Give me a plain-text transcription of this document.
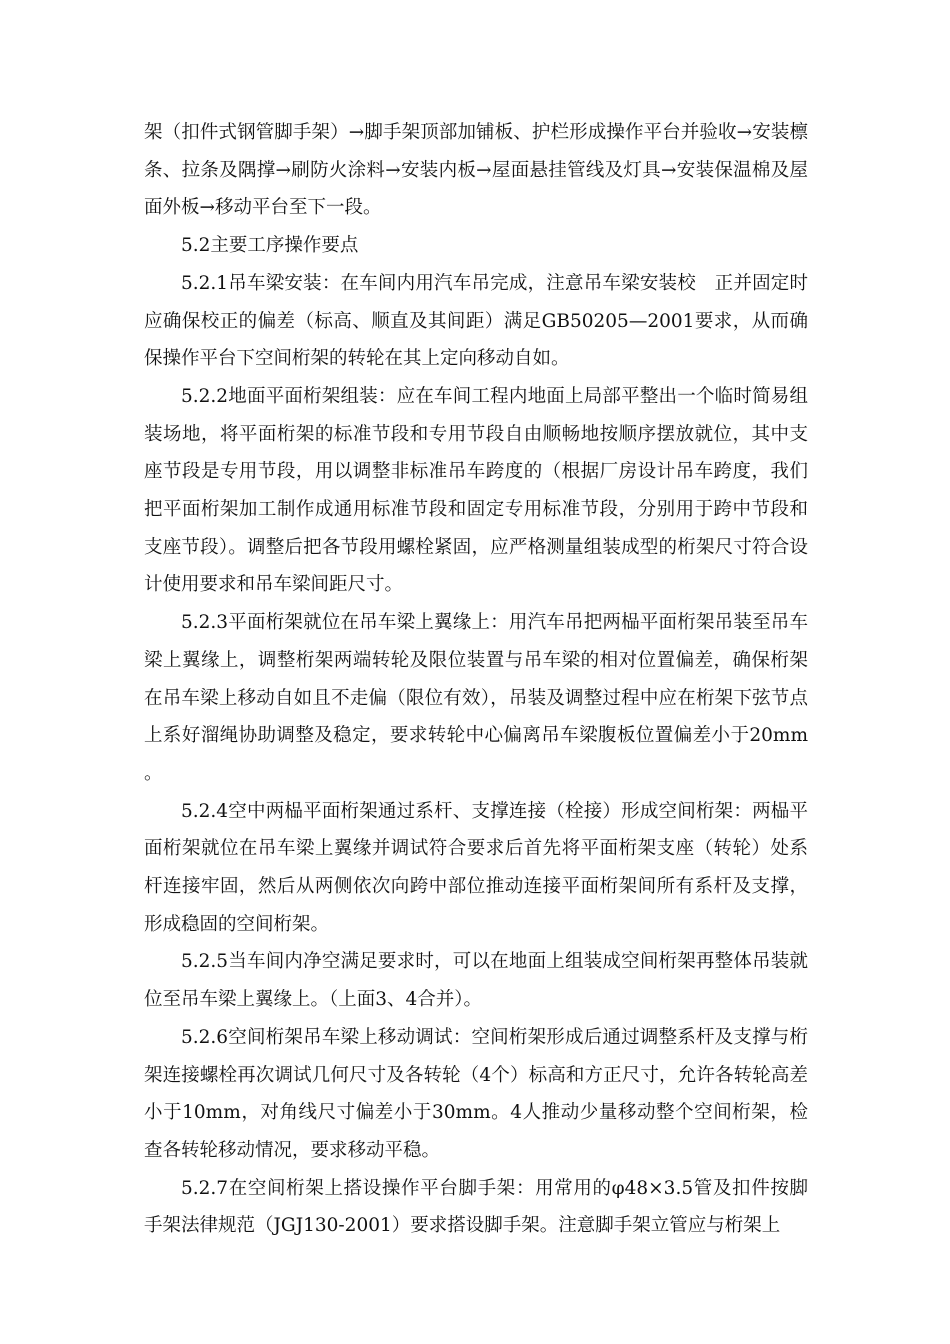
架（扣件式钢管脚手架）→脚手架顶部加铺板、护栏形成操作平台并验收→安装檩条、拉条及隅撑→刷防火涂料→安装内板→屋面悬挂管线及灯具→安装保温棉及屋面外板→移动平台至下一段。

5.2主要工序操作要点

5.2.1吊车梁安装：在车间内用汽车吊完成，注意吊车梁安装校　正并固定时应确保校正的偏差（标高、顺直及其间距）满足GB50205—2001要求，从而确保操作平台下空间桁架的转轮在其上定向移动自如。

5.2.2地面平面桁架组装：应在车间工程内地面上局部平整出一个临时简易组装场地，将平面桁架的标准节段和专用节段自由顺畅地按顺序摆放就位，其中支座节段是专用节段，用以调整非标准吊车跨度的（根据厂房设计吊车跨度，我们把平面桁架加工制作成通用标准节段和固定专用标准节段，分别用于跨中节段和支座节段）。调整后把各节段用螺栓紧固，应严格测量组装成型的桁架尺寸符合设计使用要求和吊车梁间距尺寸。

5.2.3平面桁架就位在吊车梁上翼缘上：用汽车吊把两榀平面桁架吊装至吊车梁上翼缘上，调整桁架两端转轮及限位装置与吊车梁的相对位置偏差，确保桁架在吊车梁上移动自如且不走偏（限位有效），吊装及调整过程中应在桁架下弦节点上系好溜绳协助调整及稳定，要求转轮中心偏离吊车梁腹板位置偏差小于20mm。

5.2.4空中两榀平面桁架通过系杆、支撑连接（栓接）形成空间桁架：两榀平面桁架就位在吊车梁上翼缘并调试符合要求后首先将平面桁架支座（转轮）处系杆连接牢固，然后从两侧依次向跨中部位推动连接平面桁架间所有系杆及支撑，形成稳固的空间桁架。

5.2.5当车间内净空满足要求时，可以在地面上组装成空间桁架再整体吊装就位至吊车梁上翼缘上。（上面3、4合并）。

5.2.6空间桁架吊车梁上移动调试：空间桁架形成后通过调整系杆及支撑与桁架连接螺栓再次调试几何尺寸及各转轮（4个）标高和方正尺寸，允许各转轮高差小于10mm，对角线尺寸偏差小于30mm。4人推动少量移动整个空间桁架，检查各转轮移动情况，要求移动平稳。

5.2.7在空间桁架上搭设操作平台脚手架：用常用的φ48×3.5管及扣件按脚手架法律规范（JGJ130-2001）要求搭设脚手架。注意脚手架立管应与桁架上
